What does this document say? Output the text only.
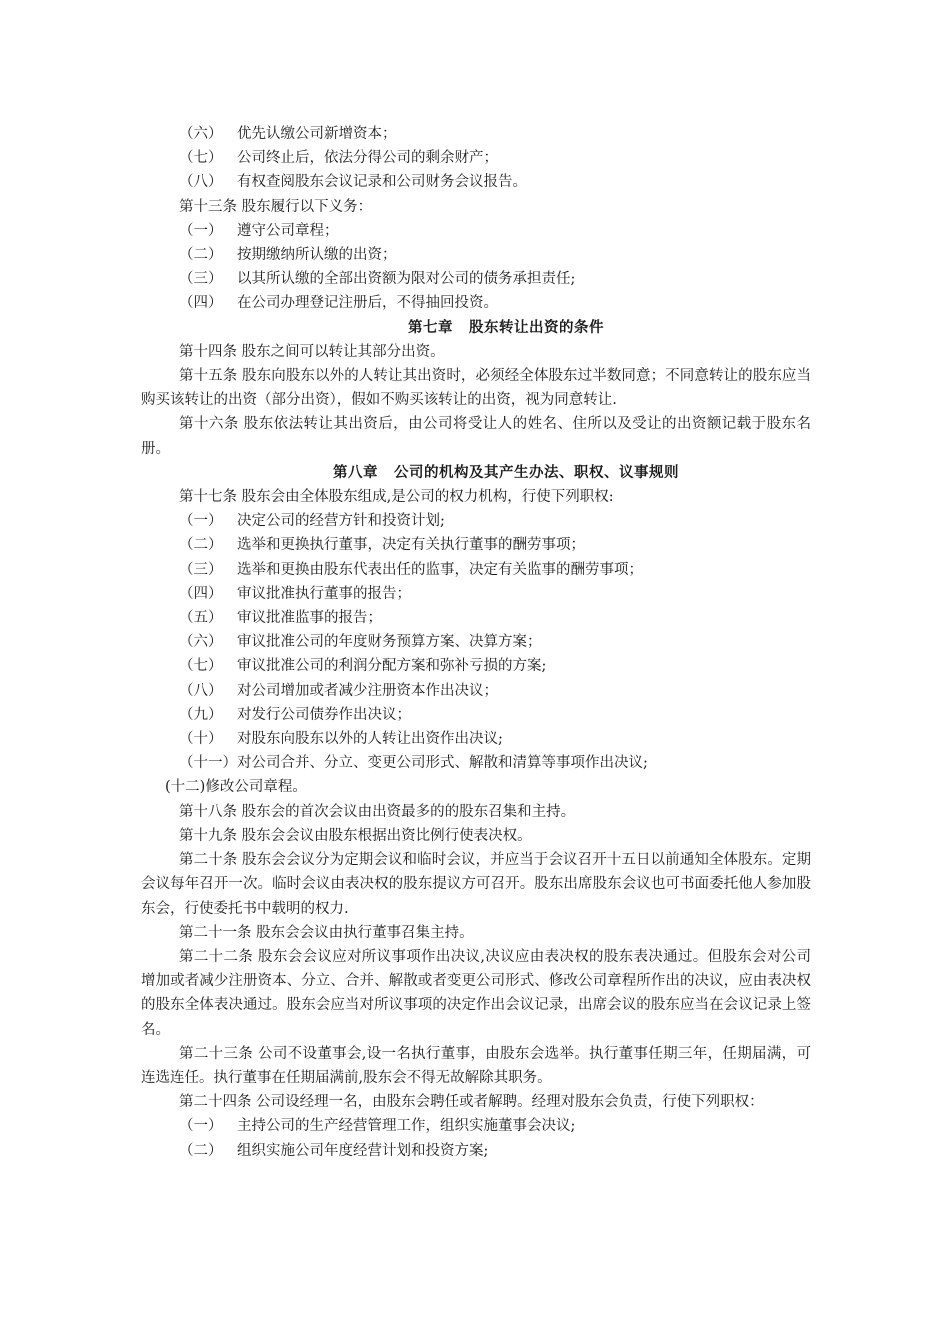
（六）	优先认缴公司新增资本；

（七）	公司终止后，依法分得公司的剩余财产；

（八）	有权查阅股东会议记录和公司财务会议报告。

第十三条 股东履行以下义务：

（一）	遵守公司章程；

（二）	按期缴纳所认缴的出资；

（三）	以其所认缴的全部出资额为限对公司的债务承担责任;

（四）	在公司办理登记注册后，不得抽回投资。

第七章 股东转让出资的条件

第十四条 股东之间可以转让其部分出资。

第十五条 股东向股东以外的人转让其出资时，必须经全体股东过半数同意；不同意转让的股东应当购买该转让的出资（部分出资），假如不购买该转让的出资，视为同意转让.

第十六条 股东依法转让其出资后，由公司将受让人的姓名、住所以及受让的出资额记载于股东名册。

第八章 公司的机构及其产生办法、职权、议事规则

第十七条 股东会由全体股东组成,是公司的权力机构，行使下列职权:

（一）	决定公司的经营方针和投资计划;

（二）	选举和更换执行董事，决定有关执行董事的酬劳事项；

（三）	选举和更换由股东代表出任的监事，决定有关监事的酬劳事项；

（四）	审议批准执行董事的报告；

（五）	审议批准监事的报告；

（六）	审议批准公司的年度财务预算方案、决算方案；

（七）	审议批准公司的利润分配方案和弥补亏损的方案;

（八）	对公司增加或者减少注册资本作出决议；

（九）	对发行公司债券作出决议；

（十）	对股东向股东以外的人转让出资作出决议;

（十一）对公司合并、分立、变更公司形式、解散和清算等事项作出决议;

(十二)修改公司章程。

第十八条 股东会的首次会议由出资最多的的股东召集和主持。

第十九条 股东会会议由股东根据出资比例行使表决权。

第二十条 股东会会议分为定期会议和临时会议，并应当于会议召开十五日以前通知全体股东。定期会议每年召开一次。临时会议由表决权的股东提议方可召开。股东出席股东会议也可书面委托他人参加股东会，行使委托书中载明的权力.

第二十一条 股东会会议由执行董事召集主持。

第二十二条 股东会会议应对所议事项作出决议,决议应由表决权的股东表决通过。但股东会对公司增加或者减少注册资本、分立、合并、解散或者变更公司形式、修改公司章程所作出的决议，应由表决权的股东全体表决通过。股东会应当对所议事项的决定作出会议记录，出席会议的股东应当在会议记录上签名。

第二十三条 公司不设董事会,设一名执行董事，由股东会选举。执行董事任期三年，任期届满，可连选连任。执行董事在任期届满前,股东会不得无故解除其职务。

第二十四条 公司设经理一名，由股东会聘任或者解聘。经理对股东会负责，行使下列职权：

（一）	主持公司的生产经营管理工作，组织实施董事会决议;

（二）	组织实施公司年度经营计划和投资方案;
